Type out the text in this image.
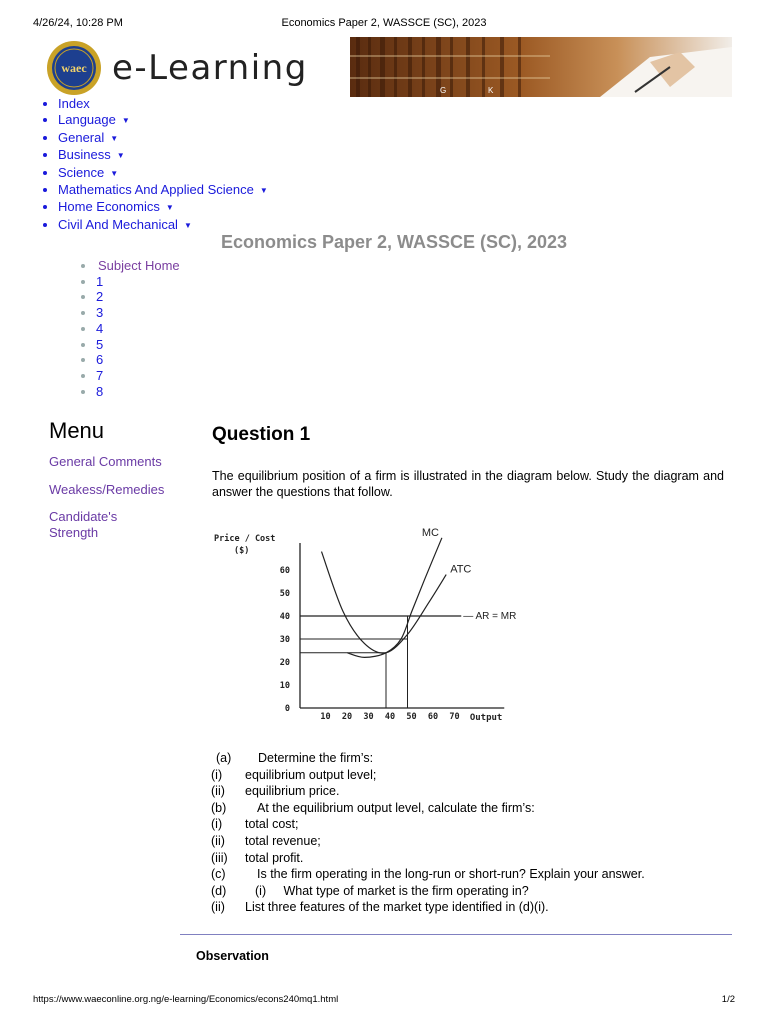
4/26/24, 10:28 PM	Economics Paper 2, WASSCE (SC), 2023
waec e-Learning
G	K
• Index
• Language ▼
• General ▼
• Business ▼
• Science ▼
• Mathematics And Applied Science ▼
• Home Economics ▼
• Civil And Mechanical ▼
Economics Paper 2, WASSCE (SC), 2023
• Subject Home
• 1
• 2
• 3
• 4
• 5
• 6
• 7
• 8
Menu
General Comments
Weakess/Remedies
Candidate's Strength
Question 1
The equilibrium position of a firm is illustrated in the diagram below. Study the diagram and answer the questions that follow.
0
10
20
30
40
50
60
10 20 30 40 50 60 70
Price / Cost
($)
Output
MC
ATC
— AR = MR
(a) Determine the firm’s:
(i) equilibrium output level;
(ii) equilibrium price.
(b) At the equilibrium output level, calculate the firm’s:
(i) total cost;
(ii) total revenue;
(iii) total profit.
(c)	Is the firm operating in the long-run or short-run? Explain your answer.
(d) (i)     What type of market is the firm operating in?
(ii) List three features of the market type identified in (d)(i).
Observation
https://www.waeconline.org.ng/e-learning/Economics/econs240mq1.html	1/2
